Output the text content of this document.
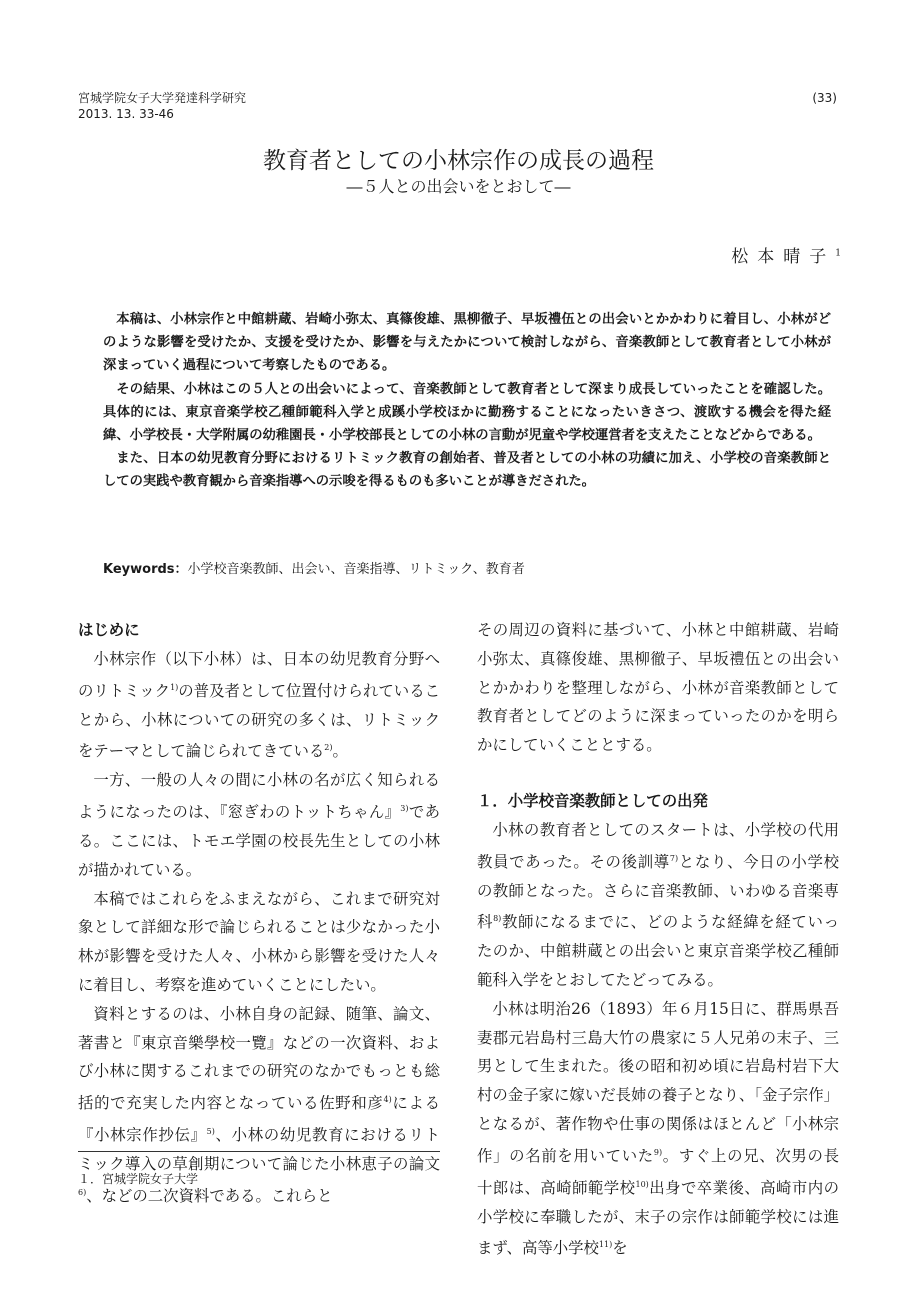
宮城学院女子大学発達科学研究
2013. 13. 33-46
(33)
教育者としての小林宗作の成長の過程
―５人との出会いをとおして―
松本晴子$^1$

本稿は、小林宗作と中館耕蔵、岩崎小弥太、真篠俊雄、黒柳徹子、早坂禮伍との出会いとかかわりに着目し、小林がどのような影響を受けたか、支援を受けたか、影響を与えたかについて検討しながら、音楽教師として教育者として小林が深まっていく過程について考察したものである。

その結果、小林はこの５人との出会いによって、音楽教師として教育者として深まり成長していったことを確認した。具体的には、東京音楽学校乙種師範科入学と成蹊小学校ほかに勤務することになったいきさつ、渡欧する機会を得た経緯、小学校長・大学附属の幼稚園長・小学校部長としての小林の言動が児童や学校運営者を支えたことなどからである。

また、日本の幼児教育分野におけるリトミック教育の創始者、普及者としての小林の功績に加え、小学校の音楽教師としての実践や教育観から音楽指導への示唆を得るものも多いことが導きだされた。

Keywords：小学校音楽教師、出会い、音楽指導、リトミック、教育者
はじめに

小林宗作（以下小林）は、日本の幼児教育分野へのリトミック$^{1)}$の普及者として位置付けられていることから、小林についての研究の多くは、リトミックをテーマとして論じられてきている$^{2)}$。

一方、一般の人々の間に小林の名が広く知られるようになったのは、『窓ぎわのトットちゃん』$^{3)}$である。ここには、トモエ学園の校長先生としての小林が描かれている。

本稿ではこれらをふまえながら、これまで研究対象として詳細な形で論じられることは少なかった小林が影響を受けた人々、小林から影響を受けた人々に着目し、考察を進めていくことにしたい。

資料とするのは、小林自身の記録、随筆、論文、著書と『東京音樂學校一覽』などの一次資料、および小林に関するこれまでの研究のなかでもっとも総括的で充実した内容となっている佐野和彦$^{4)}$による『小林宗作抄伝』$^{5)}$、小林の幼児教育におけるリトミック導入の草創期について論じた小林恵子の論文$^{6)}$、などの二次資料である。これらと

その周辺の資料に基づいて、小林と中館耕蔵、岩崎小弥太、真篠俊雄、黒柳徹子、早坂禮伍との出会いとかかわりを整理しながら、小林が音楽教師として教育者としてどのように深まっていったのかを明らかにしていくこととする。

１．小学校音楽教師としての出発

小林の教育者としてのスタートは、小学校の代用教員であった。その後訓導$^{7)}$となり、今日の小学校の教師となった。さらに音楽教師、いわゆる音楽専科$^{8)}$教師になるまでに、どのような経緯を経ていったのか、中館耕蔵との出会いと東京音楽学校乙種師範科入学をとおしてたどってみる。

小林は明治26（1893）年６月15日に、群馬県吾妻郡元岩島村三島大竹の農家に５人兄弟の末子、三男として生まれた。後の昭和初め頃に岩島村岩下大村の金子家に嫁いだ長姉の養子となり、「金子宗作」となるが、著作物や仕事の関係はほとんど「小林宗作」の名前を用いていた$^{9)}$。すぐ上の兄、次男の長十郎は、高崎師範学校$^{10)}$出身で卒業後、高崎市内の小学校に奉職したが、末子の宗作は師範学校には進まず、高等小学校$^{11)}$を

１．宮城学院女子大学
